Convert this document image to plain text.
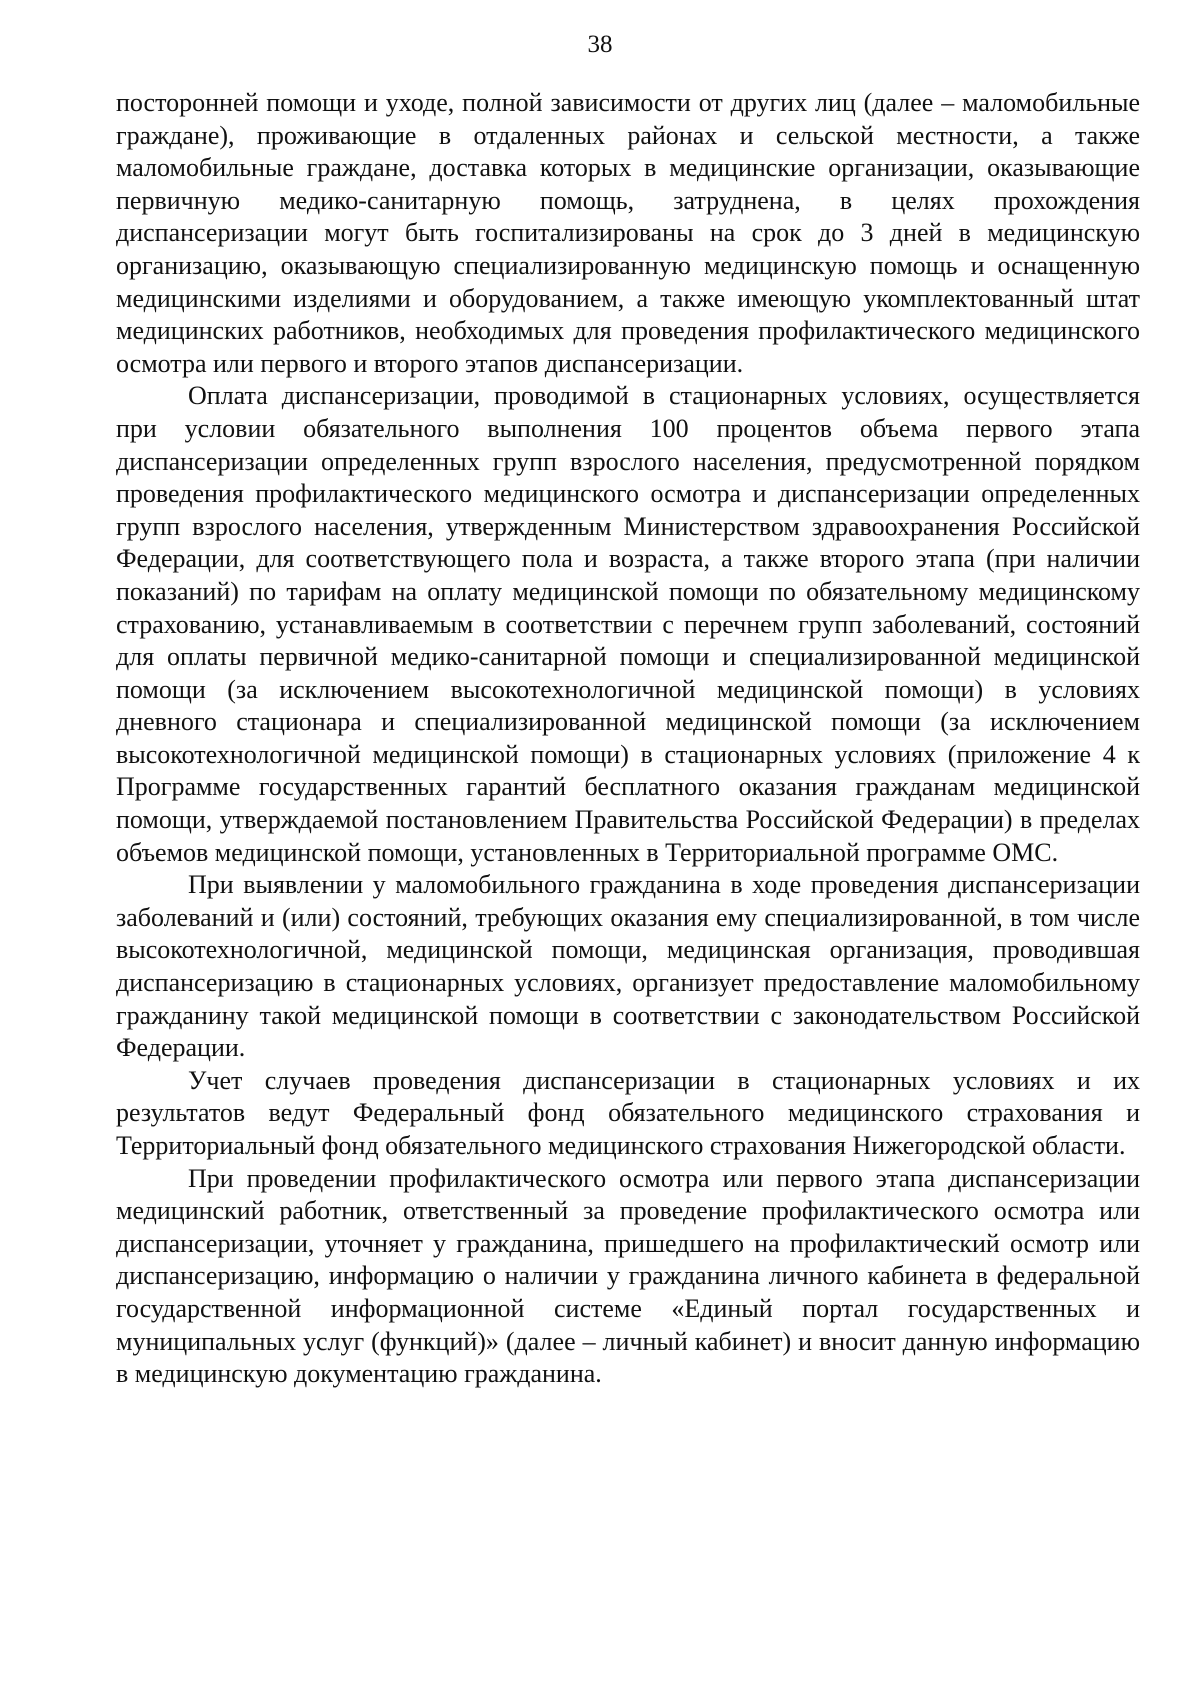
38

посторонней помощи и уходе, полной зависимости от других лиц (далее – маломобильные граждане), проживающие в отдаленных районах и сельской местности, а также маломобильные граждане, доставка которых в медицинские организации, оказывающие первичную медико-санитарную помощь, затруднена, в целях прохождения диспансеризации могут быть госпитализированы на срок до 3 дней в медицинскую организацию, оказывающую специализированную медицинскую помощь и оснащенную медицинскими изделиями и оборудованием, а также имеющую укомплектованный штат медицинских работников, необходимых для проведения профилактического медицинского осмотра или первого и второго этапов диспансеризации.

Оплата диспансеризации, проводимой в стационарных условиях, осуществляется при условии обязательного выполнения 100 процентов объема первого этапа диспансеризации определенных групп взрослого населения, предусмотренной порядком проведения профилактического медицинского осмотра и диспансеризации определенных групп взрослого населения, утвержденным Министерством здравоохранения Российской Федерации, для соответствующего пола и возраста, а также второго этапа (при наличии показаний) по тарифам на оплату медицинской помощи по обязательному медицинскому страхованию, устанавливаемым в соответствии с перечнем групп заболеваний, состояний для оплаты первичной медико-санитарной помощи и специализированной медицинской помощи (за исключением высокотехнологичной медицинской помощи) в условиях дневного стационара и специализированной медицинской помощи (за исключением высокотехнологичной медицинской помощи) в стационарных условиях (приложение 4 к Программе государственных гарантий бесплатного оказания гражданам медицинской помощи, утверждаемой постановлением Правительства Российской Федерации) в пределах объемов медицинской помощи, установленных в Территориальной программе ОМС.

При выявлении у маломобильного гражданина в ходе проведения диспансеризации заболеваний и (или) состояний, требующих оказания ему специализированной, в том числе высокотехнологичной, медицинской помощи, медицинская организация, проводившая диспансеризацию в стационарных условиях, организует предоставление маломобильному гражданину такой медицинской помощи в соответствии с законодательством Российской Федерации.

Учет случаев проведения диспансеризации в стационарных условиях и их результатов ведут Федеральный фонд обязательного медицинского страхования и Территориальный фонд обязательного медицинского страхования Нижегородской области.

При проведении профилактического осмотра или первого этапа диспансеризации медицинский работник, ответственный за проведение профилактического осмотра или диспансеризации, уточняет у гражданина, пришедшего на профилактический осмотр или диспансеризацию, информацию о наличии у гражданина личного кабинета в федеральной государственной информационной системе «Единый портал государственных и муниципальных услуг (функций)» (далее – личный кабинет) и вносит данную информацию в медицинскую документацию гражданина.
